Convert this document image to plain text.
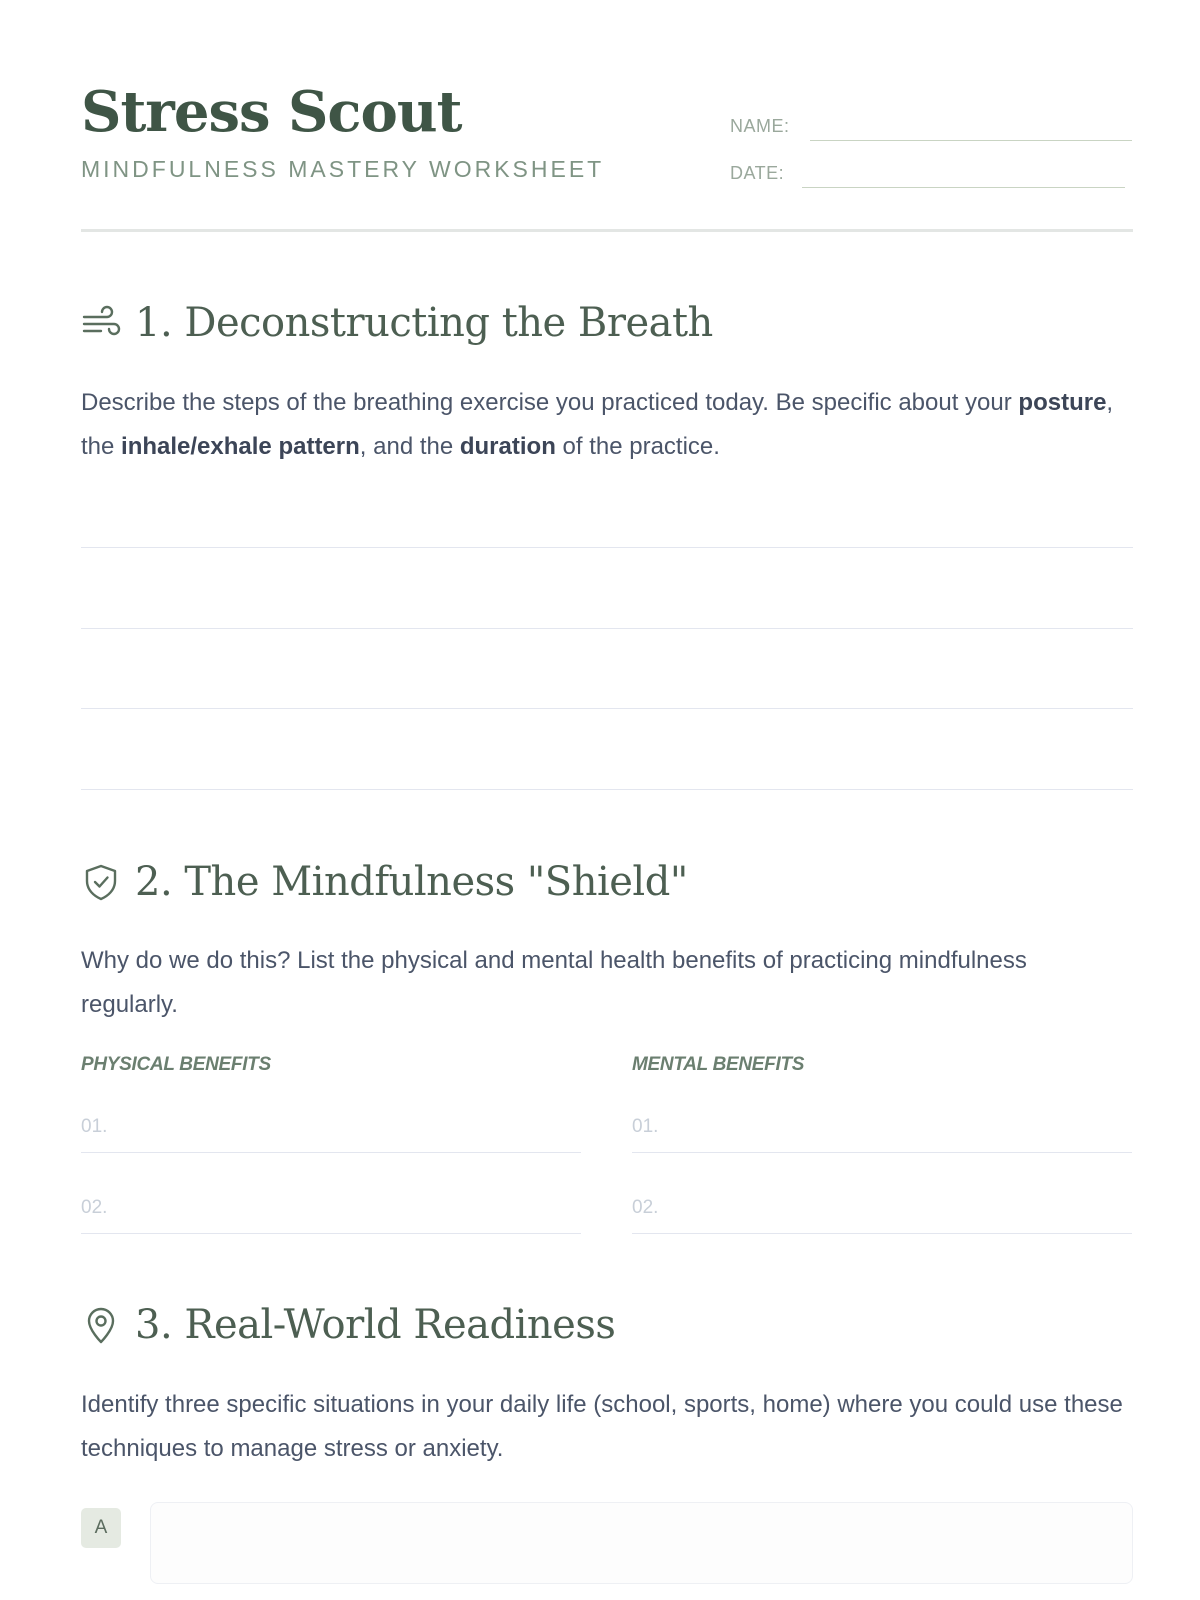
Stress Scout
MINDFULNESS MASTERY WORKSHEET
NAME:
DATE:
1. Deconstructing the Breath

Describe the steps of the breathing exercise you practiced today. Be specific about your posture, the inhale/exhale pattern, and the duration of the practice.

2. The Mindfulness "Shield"

Why do we do this? List the physical and mental health benefits of practicing mindfulness regularly.

PHYSICAL BENEFITS	MENTAL BENEFITS
01.
02.
01.
02.
3. Real-World Readiness

Identify three specific situations in your daily life (school, sports, home) where you could use these techniques to manage stress or anxiety.

A
